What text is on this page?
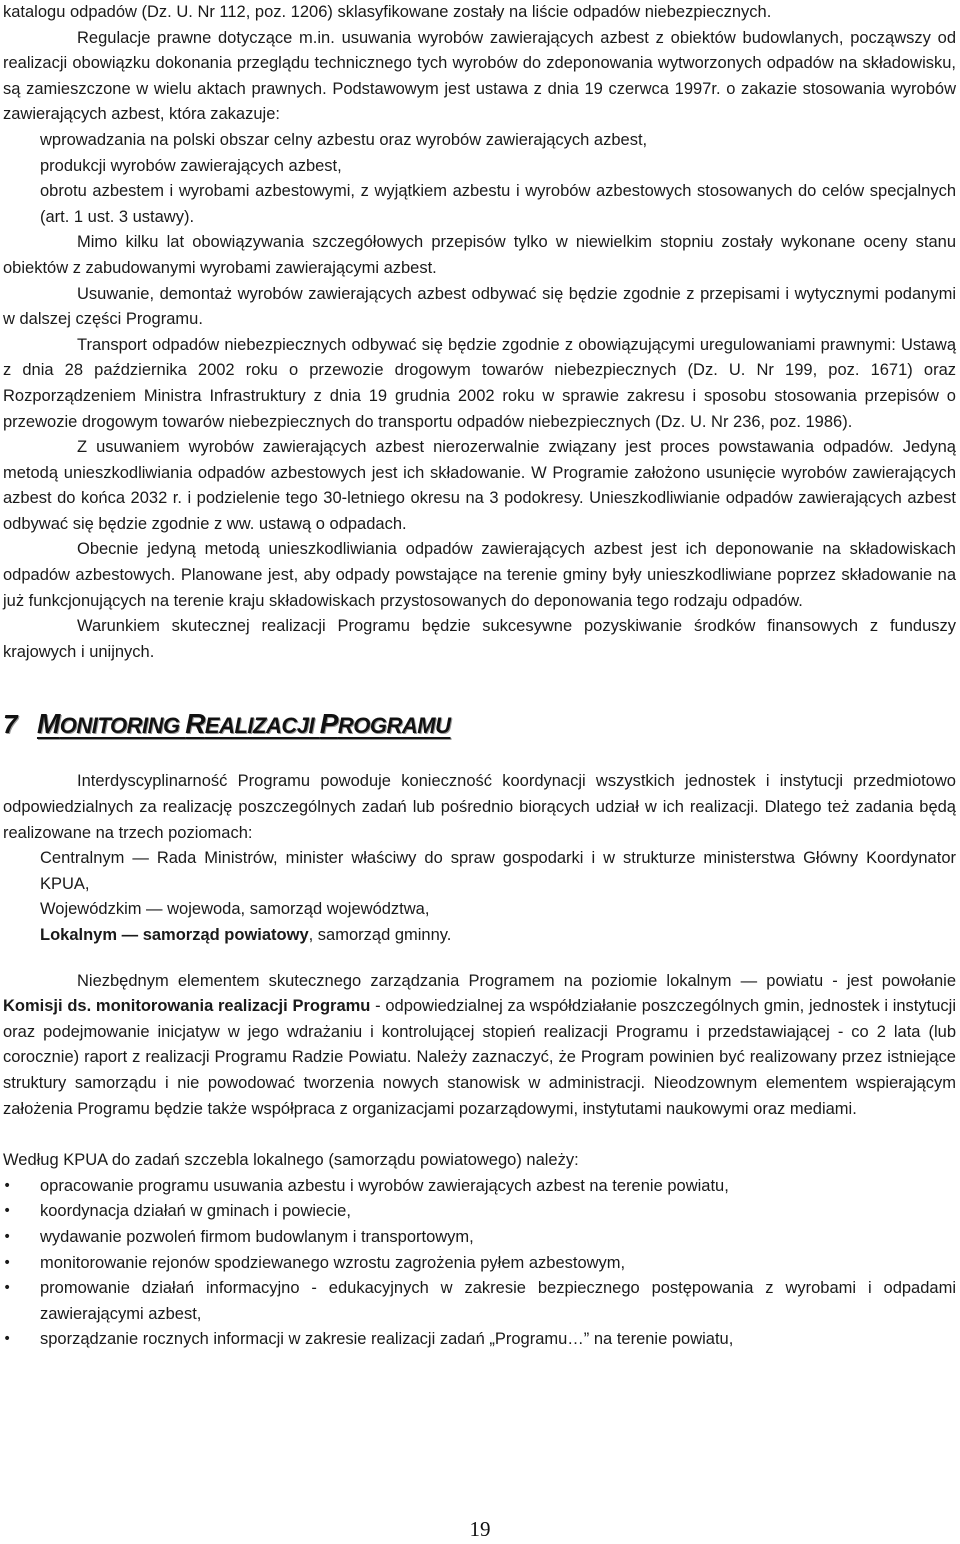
katalogu odpadów (Dz. U. Nr 112, poz. 1206) sklasyfikowane zostały na liście odpadów niebezpiecznych.

Regulacje prawne dotyczące m.in. usuwania wyrobów zawierających azbest z obiektów budowlanych, począwszy od realizacji obowiązku dokonania przeglądu technicznego tych wyrobów do zdeponowania wytworzonych odpadów na składowisku, są zamieszczone w wielu aktach prawnych. Podstawowym jest ustawa z dnia 19 czerwca 1997r. o zakazie stosowania wyrobów zawierających azbest, która zakazuje:

wprowadzania na polski obszar celny azbestu oraz wyrobów zawierających azbest,
produkcji wyrobów zawierających azbest,
obrotu azbestem i wyrobami azbestowymi, z wyjątkiem azbestu i wyrobów azbestowych stosowanych do celów specjalnych (art. 1 ust. 3 ustawy).

Mimo kilku lat obowiązywania szczegółowych przepisów tylko w niewielkim stopniu zostały wykonane oceny stanu obiektów z zabudowanymi wyrobami zawierającymi azbest.

Usuwanie, demontaż wyrobów zawierających azbest odbywać się będzie zgodnie z przepisami i wytycznymi podanymi w dalszej części Programu.

Transport odpadów niebezpiecznych odbywać się będzie zgodnie z obowiązującymi uregulowaniami prawnymi: Ustawą z dnia 28 października 2002 roku o przewozie drogowym towarów niebezpiecznych (Dz. U. Nr 199, poz. 1671) oraz Rozporządzeniem Ministra Infrastruktury z dnia 19 grudnia 2002 roku w sprawie zakresu i sposobu stosowania przepisów o przewozie drogowym towarów niebezpiecznych do transportu odpadów niebezpiecznych (Dz. U. Nr 236, poz. 1986).

Z usuwaniem wyrobów zawierających azbest nierozerwalnie związany jest proces powstawania odpadów. Jedyną metodą unieszkodliwiania odpadów azbestowych jest ich składowanie. W Programie założono usunięcie wyrobów zawierających azbest do końca 2032 r. i podzielenie tego 30-letniego okresu na 3 podokresy. Unieszkodliwianie odpadów zawierających azbest odbywać się będzie zgodnie z ww. ustawą o odpadach.

Obecnie jedyną metodą unieszkodliwiania odpadów zawierających azbest jest ich deponowanie na składowiskach odpadów azbestowych. Planowane jest, aby odpady powstające na terenie gminy były unieszkodliwiane poprzez składowanie na już funkcjonujących na terenie kraju składowiskach przystosowanych do deponowania tego rodzaju odpadów.

Warunkiem skutecznej realizacji Programu będzie sukcesywne pozyskiwanie środków finansowych z funduszy krajowych i unijnych.

7 MONITORING REALIZACJI PROGRAMU

Interdyscyplinarność Programu powoduje konieczność koordynacji wszystkich jednostek i instytucji przedmiotowo odpowiedzialnych za realizację poszczególnych zadań lub pośrednio biorących udział w ich realizacji. Dlatego też zadania będą realizowane na trzech poziomach:

Centralnym — Rada Ministrów, minister właściwy do spraw gospodarki i w strukturze ministerstwa Główny Koordynator KPUA,
Wojewódzkim — wojewoda, samorząd województwa,
Lokalnym — samorząd powiatowy, samorząd gminny.

Niezbędnym elementem skutecznego zarządzania Programem na poziomie lokalnym — powiatu - jest powołanie Komisji ds. monitorowania realizacji Programu - odpowiedzialnej za współdziałanie poszczególnych gmin, jednostek i instytucji oraz podejmowanie inicjatyw w jego wdrażaniu i kontrolującej stopień realizacji Programu i przedstawiającej - co 2 lata (lub corocznie) raport z realizacji Programu Radzie Powiatu. Należy zaznaczyć, że Program powinien być realizowany przez istniejące struktury samorządu i nie powodować tworzenia nowych stanowisk w administracji. Nieodzownym elementem wspierającym założenia Programu będzie także współpraca z organizacjami pozarządowymi, instytutami naukowymi oraz mediami.

Według KPUA do zadań szczebla lokalnego (samorządu powiatowego) należy:

• opracowanie programu usuwania azbestu i wyrobów zawierających azbest na terenie powiatu,
• koordynacja działań w gminach i powiecie,
• wydawanie pozwoleń firmom budowlanym i transportowym,
• monitorowanie rejonów spodziewanego wzrostu zagrożenia pyłem azbestowym,
• promowanie działań informacyjno - edukacyjnych w zakresie bezpiecznego postępowania z wyrobami i odpadami zawierającymi azbest,
• sporządzanie rocznych informacji w zakresie realizacji zadań „Programu…” na terenie powiatu,
19
